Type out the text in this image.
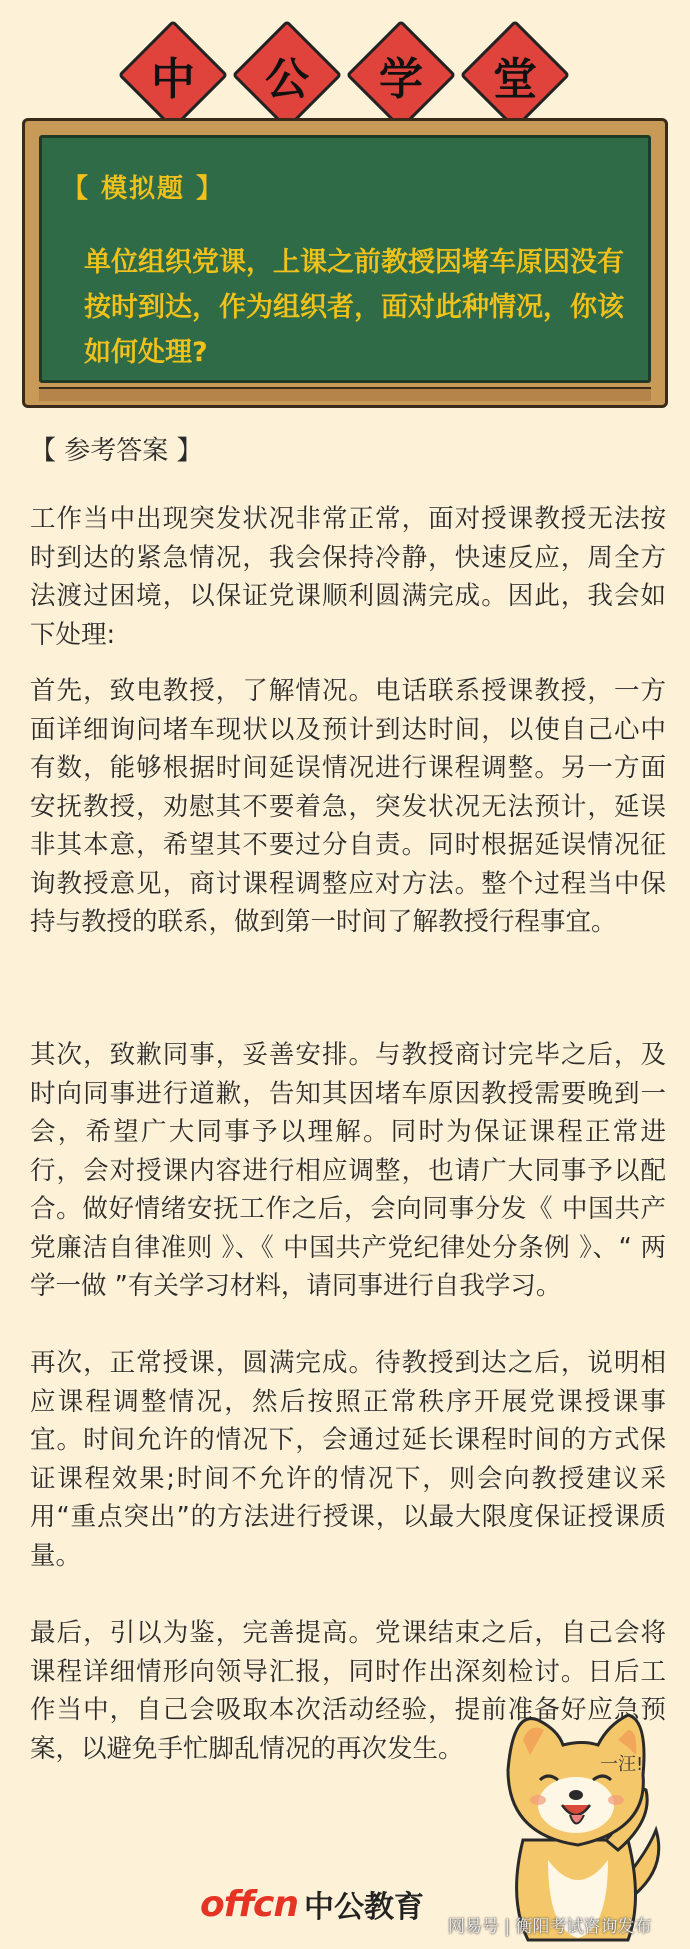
中	公	学	堂
【 模拟题 】
单位组织党课，上课之前教授因堵车原因没有按时到达，作为组织者，面对此种情况，你该如何处理?
【 参考答案 】
工作当中出现突发状况非常正常，面对授课教授无法按时到达的紧急情况，我会保持冷静，快速反应，周全方法渡过困境，以保证党课顺利圆满完成。因此，我会如下处理:
首先，致电教授，了解情况。电话联系授课教授，一方面详细询问堵车现状以及预计到达时间，以使自己心中有数，能够根据时间延误情况进行课程调整。另一方面安抚教授，劝慰其不要着急，突发状况无法预计，延误非其本意，希望其不要过分自责。同时根据延误情况征询教授意见，商讨课程调整应对方法。整个过程当中保持与教授的联系，做到第一时间了解教授行程事宜。
其次，致歉同事，妥善安排。与教授商讨完毕之后，及时向同事进行道歉，告知其因堵车原因教授需要晚到一会，希望广大同事予以理解。同时为保证课程正常进行，会对授课内容进行相应调整，也请广大同事予以配合。做好情绪安抚工作之后，会向同事分发《 中国共产党廉洁自律准则 》、《 中国共产党纪律处分条例 》、“ 两学一做 ”有关学习材料，请同事进行自我学习。
再次，正常授课，圆满完成。待教授到达之后，说明相应课程调整情况，然后按照正常秩序开展党课授课事宜。时间允许的情况下，会通过延长课程时间的方式保证课程效果;时间不允许的情况下，则会向教授建议采用“重点突出”的方法进行授课，以最大限度保证授课质量。
最后，引以为鉴，完善提高。党课结束之后，自己会将课程详细情形向领导汇报，同时作出深刻检讨。日后工作当中，自己会吸取本次活动经验，提前准备好应急预案，以避免手忙脚乱情况的再次发生。
一汪!
offcn 中公教育
网易号 | 衡阳考试咨询发布
